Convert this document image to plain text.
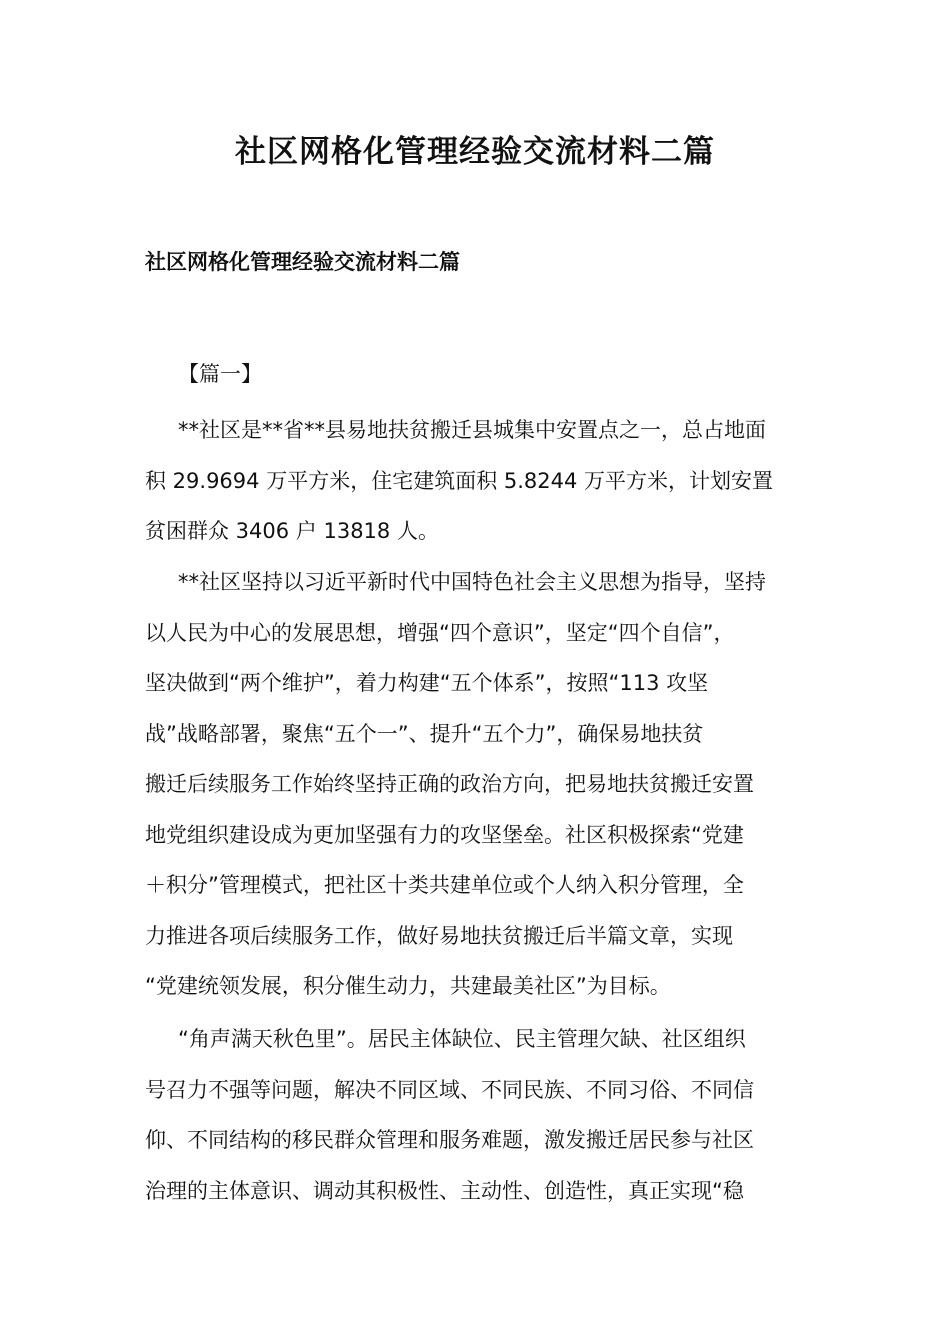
社区网格化管理经验交流材料二篇
社区网格化管理经验交流材料二篇
【篇一】
**社区是**省**县易地扶贫搬迁县城集中安置点之一，总占地面
积 29.9694 万平方米，住宅建筑面积 5.8244 万平方米，计划安置
贫困群众 3406 户 13818 人。
**社区坚持以习近平新时代中国特色社会主义思想为指导，坚持
以人民为中心的发展思想，增强“四个意识”，坚定“四个自信”，
坚决做到“两个维护”，着力构建“五个体系”，按照“113 攻坚
战”战略部署，聚焦“五个一”、提升“五个力”，确保易地扶贫
搬迁后续服务工作始终坚持正确的政治方向，把易地扶贫搬迁安置
地党组织建设成为更加坚强有力的攻坚堡垒。社区积极探索“党建
＋积分”管理模式，把社区十类共建单位或个人纳入积分管理，全
力推进各项后续服务工作，做好易地扶贫搬迁后半篇文章，实现
“党建统领发展，积分催生动力，共建最美社区”为目标。
“角声满天秋色里”。居民主体缺位、民主管理欠缺、社区组织
号召力不强等问题，解决不同区域、不同民族、不同习俗、不同信
仰、不同结构的移民群众管理和服务难题，激发搬迁居民参与社区
治理的主体意识、调动其积极性、主动性、创造性，真正实现“稳
